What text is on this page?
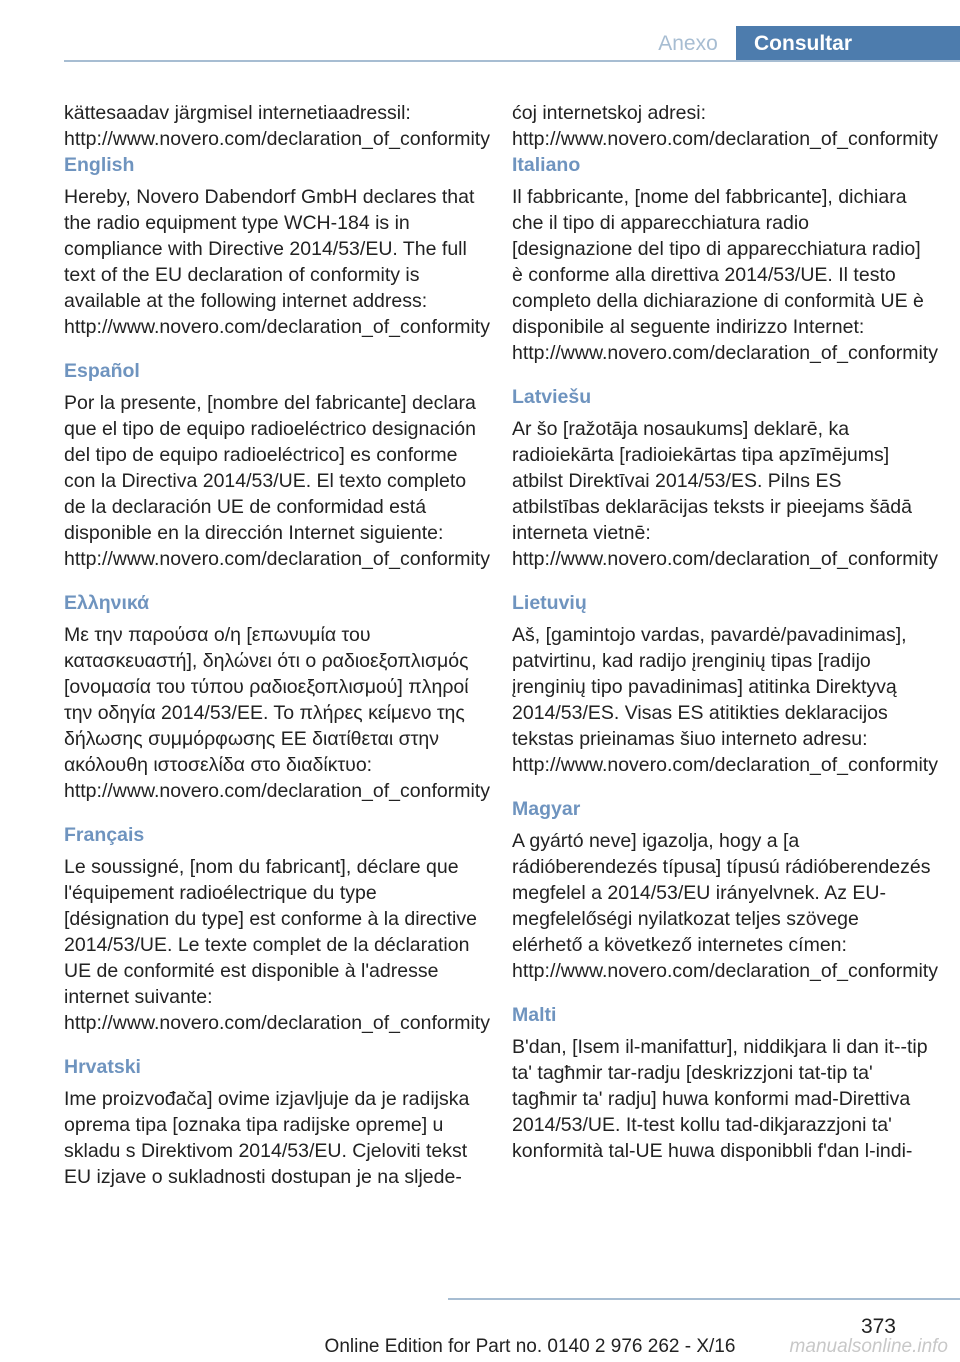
Anexo	Consultar

kättesaadav järgmisel internetiaadressil: http://www.novero.com/declaration_of_conformity

English

Hereby, Novero Dabendorf GmbH declares that the radio equipment type WCH-184 is in compliance with Directive 2014/53/EU. The full text of the EU declaration of conformity is available at the following internet address: http://www.novero.com/declaration_of_conformity

Español

Por la presente, [nombre del fabricante] declara que el tipo de equipo radioeléctrico designación del tipo de equipo radioeléctrico] es conforme con la Directiva 2014/53/UE. El texto completo de la declaración UE de conformidad está disponible en la dirección Internet siguiente: http://www.novero.com/declaration_of_conformity

Ελληνικά

Με την παρούσα ο/η [επωνυμία του κατασκευαστή], δηλώνει ότι ο ραδιοεξοπλισμός [ονομασία του τύπου ραδιοεξοπλισμού] πληροί την οδηγία 2014/53/ΕΕ. Το πλήρες κείμενο της δήλωσης συμμόρφωσης ΕΕ διατίθεται στην ακόλουθη ιστοσελίδα στο διαδίκτυο: http://www.novero.com/declaration_of_conformity

Français

Le soussigné, [nom du fabricant], déclare que l'équipement radioélectrique du type [désignation du type] est conforme à la directive 2014/53/UE. Le texte complet de la déclaration UE de conformité est disponible à l'adresse internet suivante: http://www.novero.com/declaration_of_conformity

Hrvatski

Ime proizvođača] ovime izjavljuje da je radijska oprema tipa [oznaka tipa radijske opreme] u skladu s Direktivom 2014/53/EU. Cjeloviti tekst EU izjave o sukladnosti dostupan je na sljede-

ćoj internetskoj adresi: http://www.novero.com/declaration_of_conformity

Italiano

Il fabbricante, [nome del fabbricante], dichiara che il tipo di apparecchiatura radio [designazione del tipo di apparecchiatura radio] è conforme alla direttiva 2014/53/UE. Il testo completo della dichiarazione di conformità UE è disponibile al seguente indirizzo Internet: http://www.novero.com/declaration_of_conformity

Latviešu

Ar šo [ražotāja nosaukums] deklarē, ka radioiekārta [radioiekārtas tipa apzīmējums] atbilst Direktīvai 2014/53/ES. Pilns ES atbilstības deklarācijas teksts ir pieejams šādā interneta vietnē: http://www.novero.com/declaration_of_conformity

Lietuvių

Aš, [gamintojo vardas, pavardė/pavadinimas], patvirtinu, kad radijo įrenginių tipas [radijo įrenginių tipo pavadinimas] atitinka Direktyvą 2014/53/ES. Visas ES atitikties deklaracijos tekstas prieinamas šiuo interneto adresu: http://www.novero.com/declaration_of_conformity

Magyar

A gyártó neve] igazolja, hogy a [a rádióberendezés típusa] típusú rádióberendezés megfelel a 2014/53/EU irányelvnek. Az EU-megfelelőségi nyilatkozat teljes szövege elérhető a következő internetes címen: http://www.novero.com/declaration_of_conformity

Malti

B'dan, [Isem il-manifattur], niddikjara li dan it--tip ta' tagħmir tar-radju [deskrizzjoni tat-tip ta' tagħmir ta' radju] huwa konformi mad-Direttiva 2014/53/UE. It-test kollu tad-dikjarazzjoni ta' konformità tal-UE huwa disponibbli f'dan l-indi-

373
Online Edition for Part no. 0140 2 976 262 - X/16	manualsonline.info
